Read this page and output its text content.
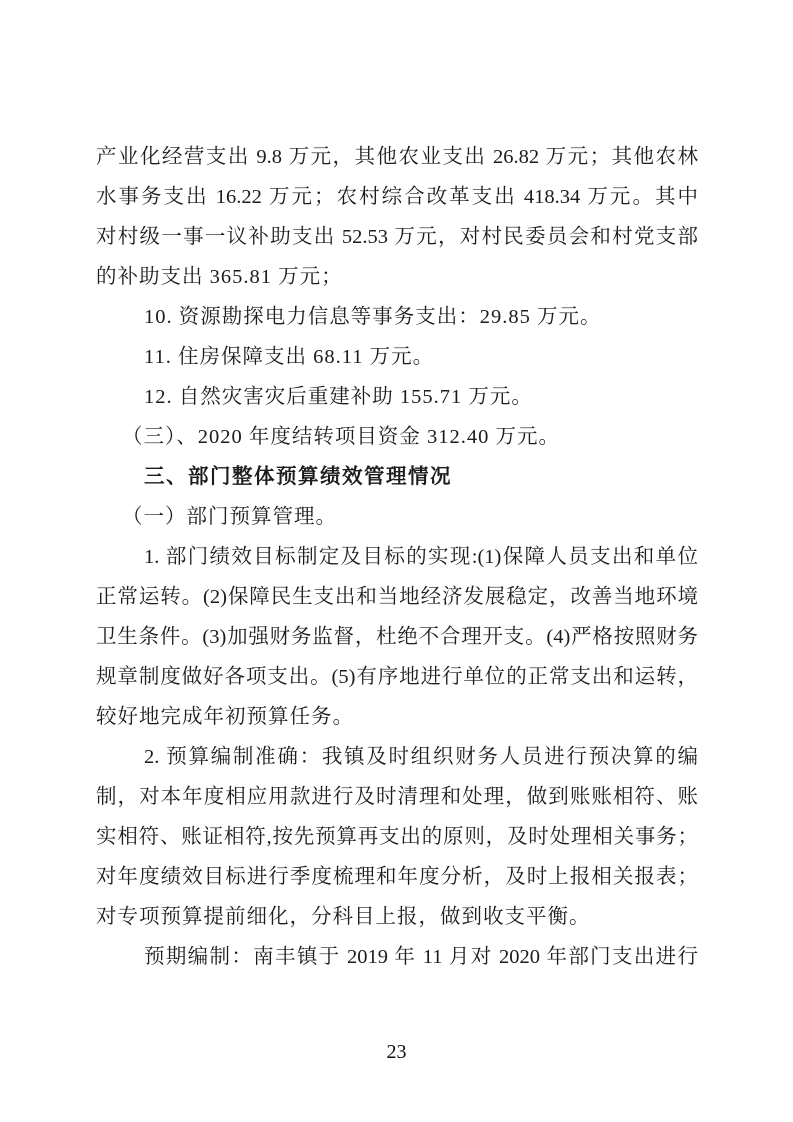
产业化经营支出 9.8 万元，其他农业支出 26.82 万元；其他农林
水事务支出 16.22 万元；农村综合改革支出 418.34 万元。其中
对村级一事一议补助支出 52.53 万元，对村民委员会和村党支部
的补助支出 365.81 万元；
10. 资源勘探电力信息等事务支出：29.85 万元。
11. 住房保障支出 68.11 万元。
12. 自然灾害灾后重建补助 155.71 万元。
（三）、2020 年度结转项目资金 312.40 万元。
三、部门整体预算绩效管理情况
（一）部门预算管理。
1. 部门绩效目标制定及目标的实现:(1)保障人员支出和单位
正常运转。(2)保障民生支出和当地经济发展稳定，改善当地环境
卫生条件。(3)加强财务监督，杜绝不合理开支。(4)严格按照财务
规章制度做好各项支出。(5)有序地进行单位的正常支出和运转，
较好地完成年初预算任务。
2. 预算编制准确：我镇及时组织财务人员进行预决算的编
制，对本年度相应用款进行及时清理和处理，做到账账相符、账
实相符、账证相符,按先预算再支出的原则，及时处理相关事务；
对年度绩效目标进行季度梳理和年度分析，及时上报相关报表；
对专项预算提前细化，分科目上报，做到收支平衡。
预期编制：南丰镇于 2019 年 11 月对 2020 年部门支出进行
23
